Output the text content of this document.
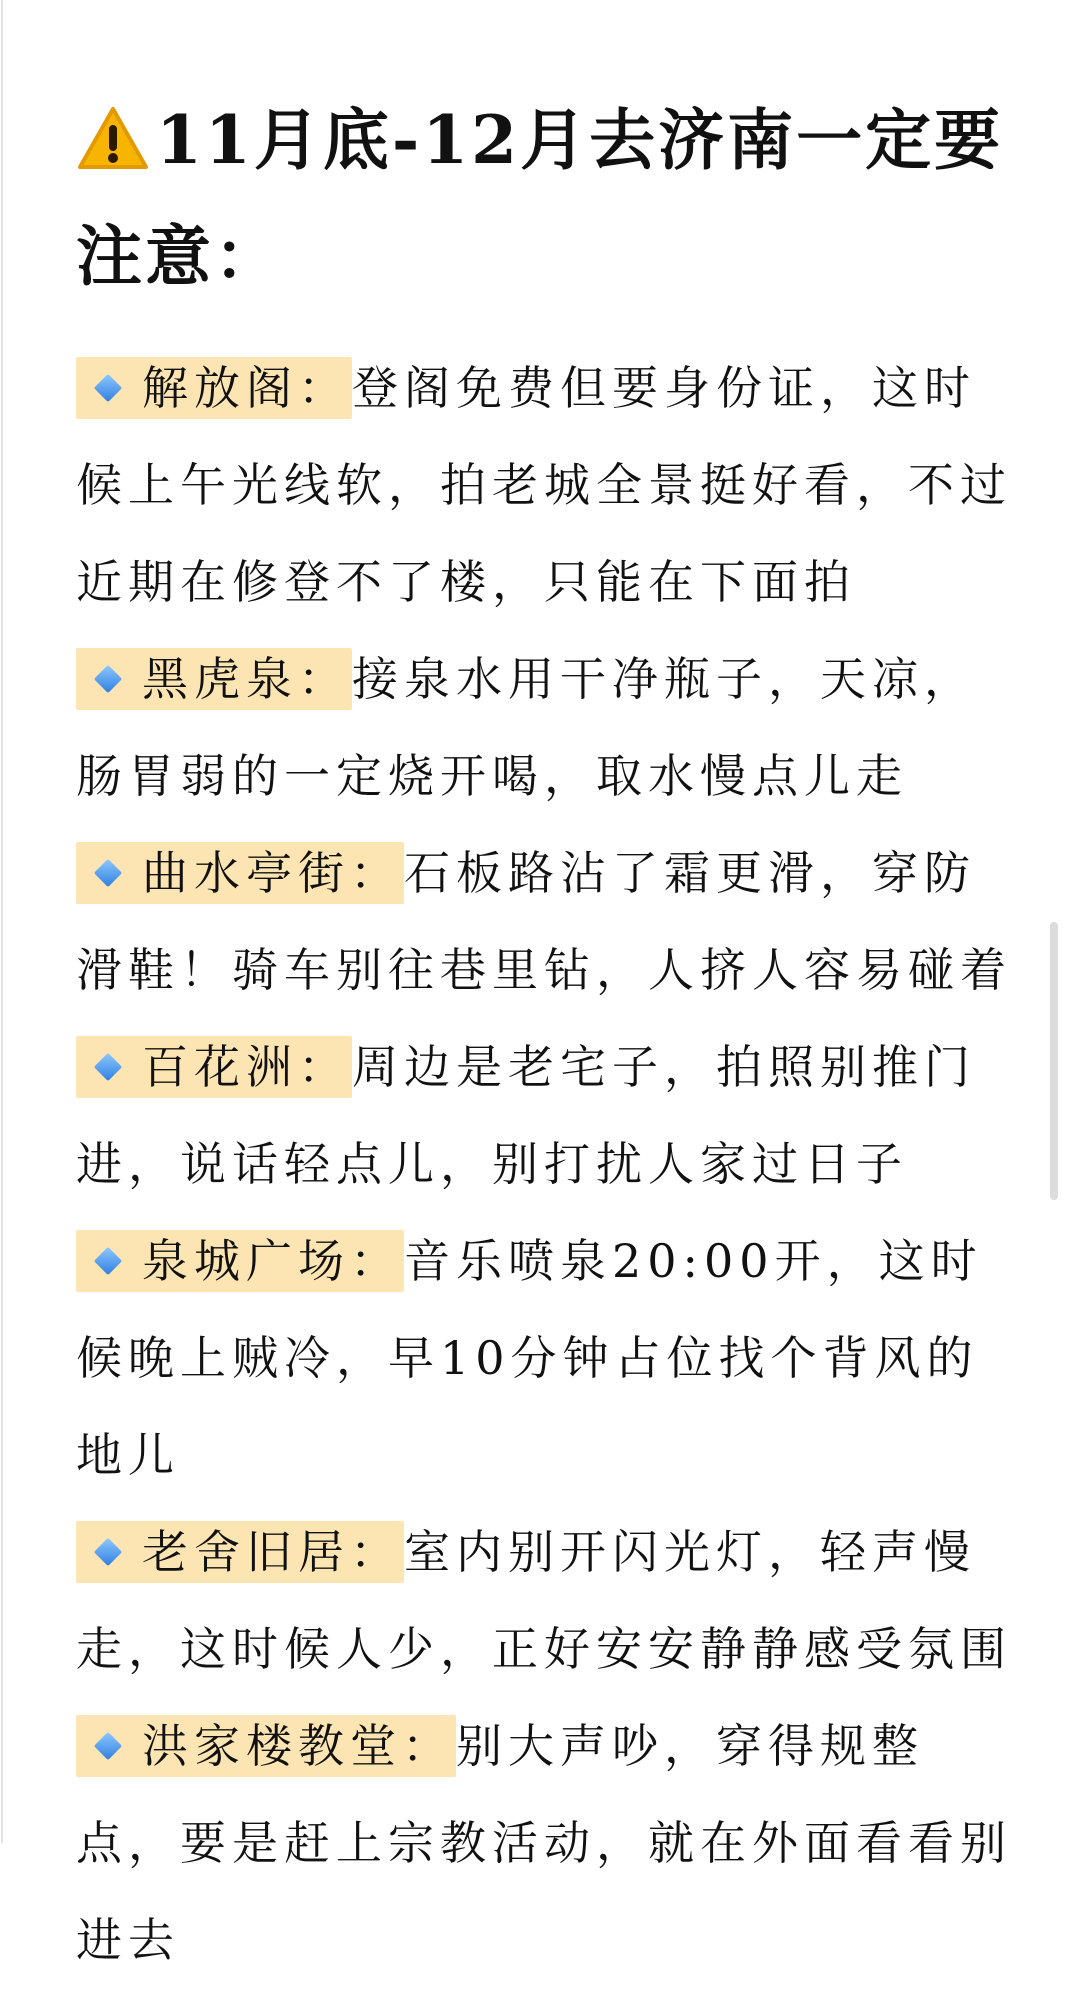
11月底-12月去济南一定要注意：

解放阁：登阁免费但要身份证，这时候上午光线软，拍老城全景挺好看，不过近期在修登不了楼，只能在下面拍

黑虎泉：接泉水用干净瓶子，天凉，肠胃弱的一定烧开喝，取水慢点儿走

曲水亭街：石板路沾了霜更滑，穿防滑鞋！骑车别往巷里钻，人挤人容易碰着

百花洲：周边是老宅子，拍照别推门进，说话轻点儿，别打扰人家过日子

泉城广场：音乐喷泉20:00开，这时候晚上贼冷，早10分钟占位找个背风的地儿

老舍旧居：室内别开闪光灯，轻声慢走，这时候人少，正好安安静静感受氛围

洪家楼教堂：别大声吵，穿得规整点，要是赶上宗教活动，就在外面看看别进去
